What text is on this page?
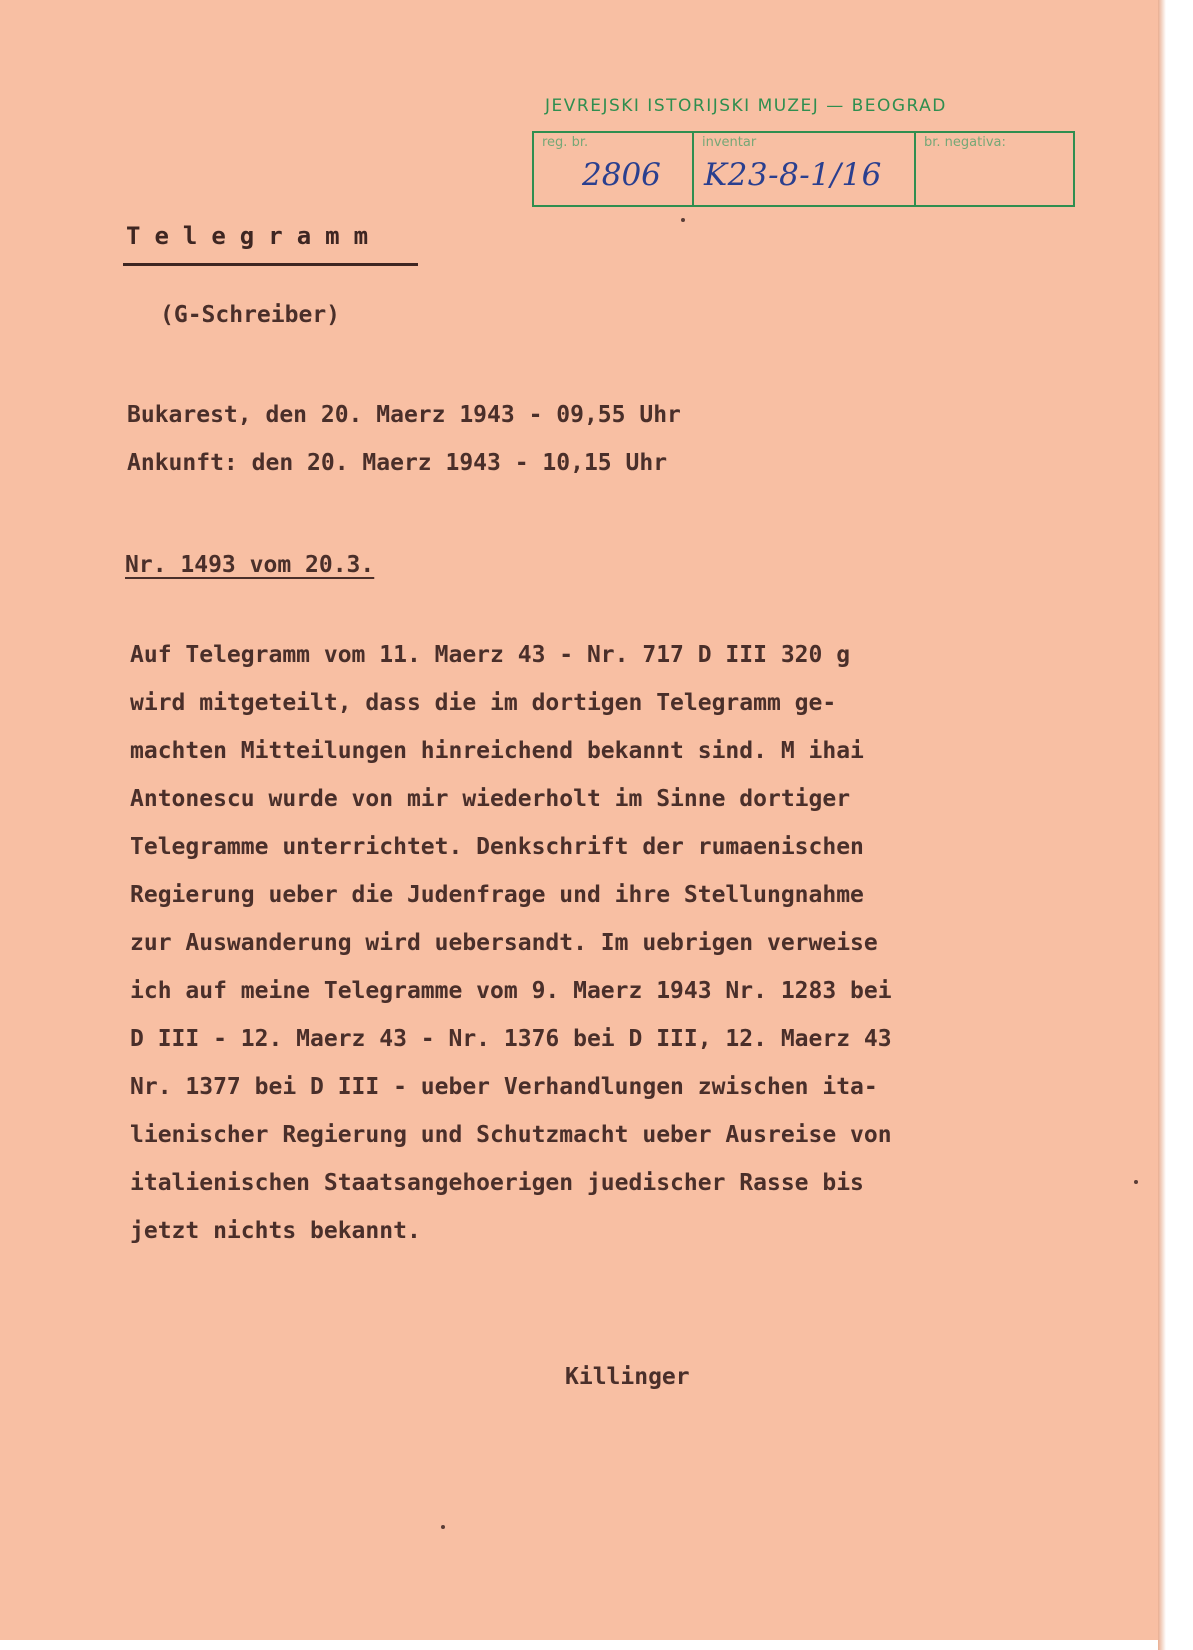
JEVREJSKI ISTORIJSKI MUZEJ — BEOGRAD
reg. br.
2806
inventar
K23-8-1/16
br. negativa:
Telegramm
(G-Schreiber)
Bukarest, den 20. Maerz 1943 - 09,55 Uhr
Ankunft: den 20. Maerz 1943 - 10,15 Uhr
Nr. 1493 vom 20.3.
Auf Telegramm vom 11. Maerz 43 - Nr. 717 D III 320 g
wird mitgeteilt, dass die im dortigen Telegramm ge-
machten Mitteilungen hinreichend bekannt sind. M ihai
Antonescu wurde von mir wiederholt im Sinne dortiger
Telegramme unterrichtet. Denkschrift der rumaenischen
Regierung ueber die Judenfrage und ihre Stellungnahme
zur Auswanderung wird uebersandt. Im uebrigen verweise
ich auf meine Telegramme vom 9. Maerz 1943 Nr. 1283 bei
D III - 12. Maerz 43 - Nr. 1376 bei D III, 12. Maerz 43
Nr. 1377 bei D III - ueber Verhandlungen zwischen ita-
lienischer Regierung und Schutzmacht ueber Ausreise von
italienischen Staatsangehoerigen juedischer Rasse bis
jetzt nichts bekannt.
Killinger
